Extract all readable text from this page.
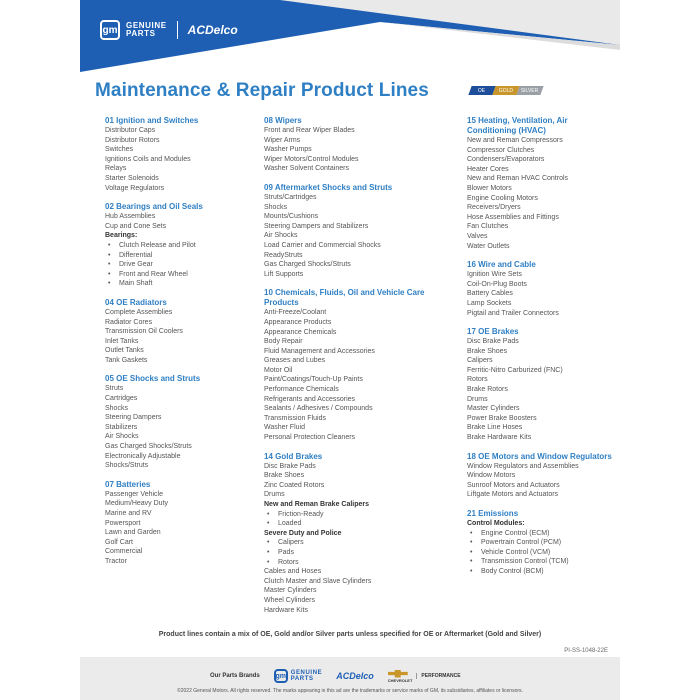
gm	GENUINE
PARTS	ACDelco
Maintenance & Repair Product Lines	OE	GOLD SILVER
01 Ignition and Switches
Distributor Caps
Distributor Rotors
Switches
Ignitions Coils and Modules
Relays
Starter Solenoids
Voltage Regulators
02 Bearings and Oil Seals
Hub Assemblies
Cup and Cone Sets
Bearings:
• Clutch Release and Pilot
• Differential
• Drive Gear
• Front and Rear Wheel
• Main Shaft
04 OE Radiators
Complete Assemblies
Radiator Cores
Transmission Oil Coolers
Inlet Tanks
Outlet Tanks
Tank Gaskets
05 OE Shocks and Struts
Struts
Cartridges
Shocks
Steering Dampers
Stabilizers
Air Shocks
Gas Charged Shocks/Struts
Electronically Adjustable
Shocks/Struts
07 Batteries
Passenger Vehicle
Medium/Heavy Duty
Marine and RV
Powersport
Lawn and Garden
Golf Cart
Commercial
Tractor
08 Wipers
Front and Rear Wiper Blades
Wiper Arms
Washer Pumps
Wiper Motors/Control Modules
Washer Solvent Containers
09 Aftermarket Shocks and Struts
Struts/Cartridges
Shocks
Mounts/Cushions
Steering Dampers and Stabilizers
Air Shocks
Load Carrier and Commercial Shocks
ReadyStruts
Gas Charged Shocks/Struts
Lift Supports
10 Chemicals, Fluids, Oil and Vehicle Care Products
Anti-Freeze/Coolant
Appearance Products
Appearance Chemicals
Body Repair
Fluid Management and Accessories
Greases and Lubes
Motor Oil
Paint/Coatings/Touch-Up Paints
Performance Chemicals
Refrigerants and Accessories
Sealants / Adhesives / Compounds
Transmission Fluids
Washer Fluid
Personal Protection Cleaners
14 Gold Brakes
Disc Brake Pads
Brake Shoes
Zinc Coated Rotors
Drums
New and Reman Brake Calipers
• Friction-Ready
• Loaded
Severe Duty and Police
• Calipers
• Pads
• Rotors
Cables and Hoses
Clutch Master and Slave Cylinders
Master Cylinders
Wheel Cylinders
Hardware Kits
15 Heating, Ventilation, Air Conditioning (HVAC)
New and Reman Compressors
Compressor Clutches
Condensers/Evaporators
Heater Cores
New and Reman HVAC Controls
Blower Motors
Engine Cooling Motors
Receivers/Dryers
Hose Assemblies and Fittings
Fan Clutches
Valves
Water Outlets
16 Wire and Cable
Ignition Wire Sets
Coil-On-Plug Boots
Battery Cables
Lamp Sockets
Pigtail and Trailer Connectors
17 OE Brakes
Disc Brake Pads
Brake Shoes
Calipers
Ferritic-Nitro Carburized (FNC)
Rotors
Brake Rotors
Drums
Master Cylinders
Power Brake Boosters
Brake Line Hoses
Brake Hardware Kits
18 OE Motors and Window Regulators
Window Regulators and Assemblies
Window Motors
Sunroof Motors and Actuators
Liftgate Motors and Actuators
21 Emissions
Control Modules:
• Engine Control (ECM)
• Powertrain Control (PCM)
• Vehicle Control (VCM)
• Transmission Control (TCM)
• Body Control (BCM)
Product lines contain a mix of OE, Gold and/or Silver parts unless specified for OE or Aftermarket (Gold and Silver)
PI-SS-1048-22E
Our Parts Brands gm GENUINE
PARTS	ACDelco	CHEVROLET
PERFORMANCE
©2022 General Motors. All rights reserved. The marks appearing in this ad are the trademarks or service marks of GM, its subsidiaries, affiliates or licensors.
